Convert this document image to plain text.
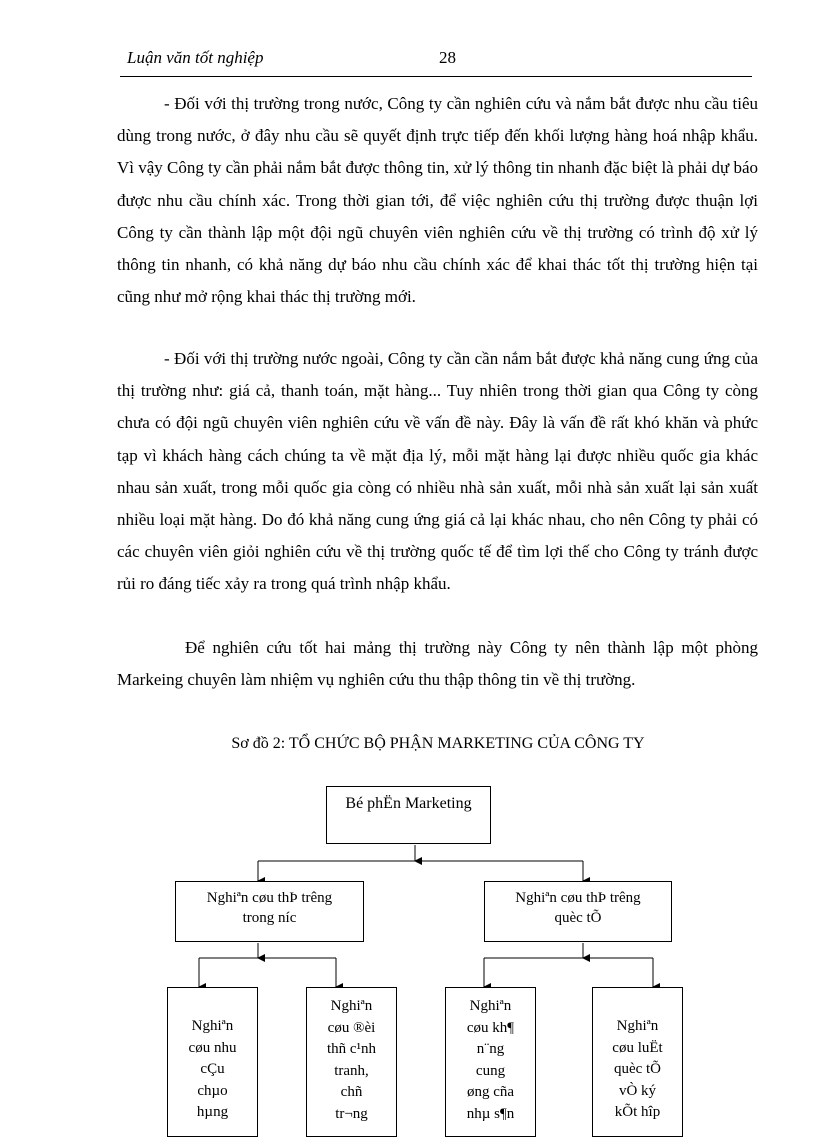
Luận văn tốt nghiệp	28

- Đối với thị trường trong nước, Công ty cần nghiên cứu và nắm bắt được nhu cầu tiêu dùng trong nước, ở đây nhu cầu sẽ quyết định trực tiếp đến khối lượng hàng hoá nhập khẩu. Vì vậy Công ty cần phải nắm bắt được thông tin, xử lý thông tin nhanh đặc biệt là phải dự báo được nhu cầu chính xác. Trong thời gian tới, để việc nghiên cứu thị trường được thuận lợi Công ty cần thành lập một đội ngũ chuyên viên nghiên cứu về thị trường có trình độ xử lý thông tin nhanh, có khả năng dự báo nhu cầu chính xác để khai thác tốt thị trường hiện tại cũng như mở rộng khai thác thị trường mới.

- Đối với thị trường nước ngoài, Công ty cần cần nắm bắt được khả năng cung ứng của thị trường như: giá cả, thanh toán, mặt hàng... Tuy nhiên trong thời gian qua Công ty còng chưa có đội ngũ chuyên viên nghiên cứu về vấn đề này. Đây là vấn đề rất khó khăn và phức tạp vì khách hàng cách chúng ta về mặt địa lý, mỗi mặt hàng lại được nhiều quốc gia khác nhau sản xuất, trong mỗi quốc gia còng có nhiều nhà sản xuất, mỗi nhà sản xuất lại sản xuất nhiều loại mặt hàng. Do đó khả năng cung ứng giá cả lại khác nhau, cho nên Công ty phải có các chuyên viên giỏi nghiên cứu về thị trường quốc tế để tìm lợi thế cho Công ty tránh được rủi ro đáng tiếc xảy ra trong quá trình nhập khẩu.

Để nghiên cứu tốt hai mảng thị trường này Công ty nên thành lập một phòng Markeing chuyên làm nhiệm vụ nghiên cứu thu thập thông tin về thị trường.

Sơ đồ 2: TỔ CHỨC BỘ PHẬN MARKETING CỦA CÔNG TY
Bé phËn Marketing
Nghiªn cøu thÞ trêng
trong níc
Nghiªn cøu thÞ trêng
quèc tÕ
Nghiªn
cøu nhu
cÇu
chµo
hµng
Nghiªn
cøu ®èi
thñ c¹nh
tranh,
chñ
tr¬ng
Nghiªn
cøu kh¶
n¨ng
cung
øng cña
nhµ s¶n
Nghiªn
cøu luËt
quèc tÕ
vÒ ký
kÕt hîp
